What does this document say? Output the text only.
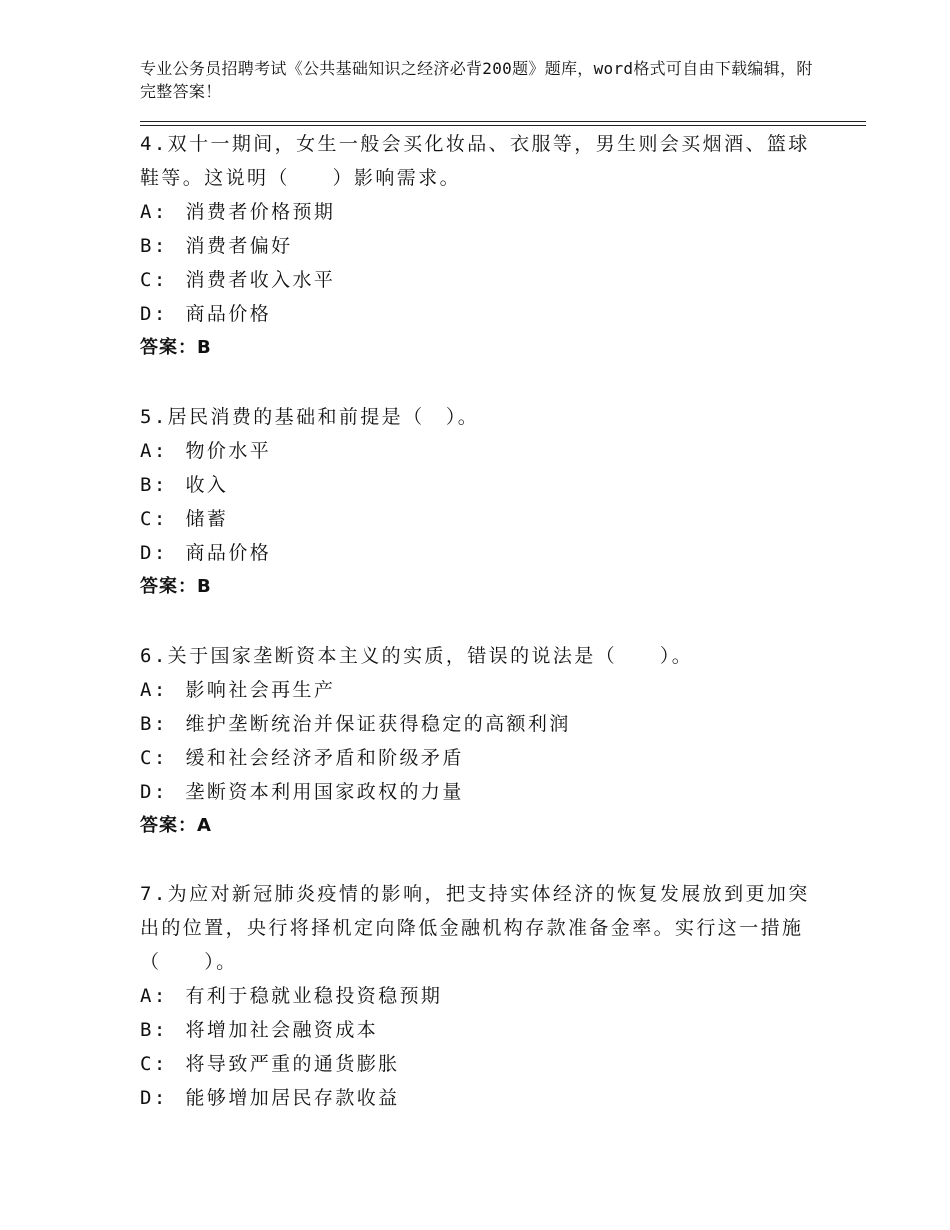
专业公务员招聘考试《公共基础知识之经济必背200题》题库，word格式可自由下载编辑，附完整答案！
4.双十一期间，女生一般会买化妆品、衣服等，男生则会买烟酒、篮球鞋等。这说明（　　）影响需求。
A: 消费者价格预期
B: 消费者偏好
C: 消费者收入水平
D: 商品价格
答案：B
5.居民消费的基础和前提是（　）。
A: 物价水平
B: 收入
C: 储蓄
D: 商品价格
答案：B
6.关于国家垄断资本主义的实质，错误的说法是（　　）。
A: 影响社会再生产
B: 维护垄断统治并保证获得稳定的高额利润
C: 缓和社会经济矛盾和阶级矛盾
D: 垄断资本利用国家政权的力量
答案：A
7.为应对新冠肺炎疫情的影响，把支持实体经济的恢复发展放到更加突出的位置，央行将择机定向降低金融机构存款准备金率。实行这一措施（　　）。
A: 有利于稳就业稳投资稳预期
B: 将增加社会融资成本
C: 将导致严重的通货膨胀
D: 能够增加居民存款收益
